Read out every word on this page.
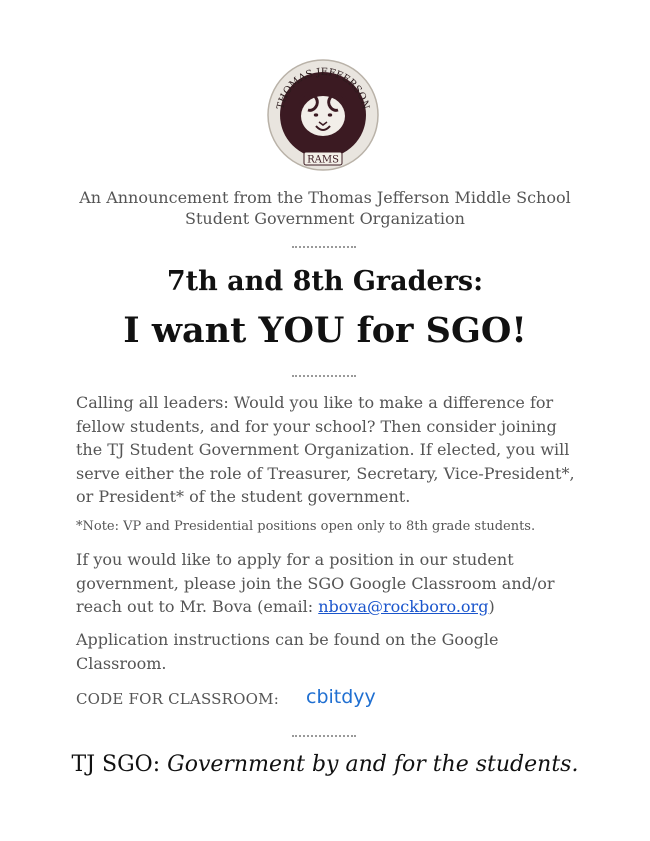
THOMAS JEFFERSON
RAMS
An Announcement from the Thomas Jefferson Middle School
Student Government Organization
7th and 8th Graders:
I want YOU for SGO!

Calling all leaders: Would you like to make a difference for fellow students, and for your school? Then consider joining the TJ Student Government Organization. If elected, you will serve either the role of Treasurer, Secretary, Vice-President*, or President* of the student government.

*Note: VP and Presidential positions open only to 8th grade students.

If you would like to apply for a position in our student government, please join the SGO Google Classroom and/or reach out to Mr. Bova (email: nbova@rockboro.org)

Application instructions can be found on the Google Classroom.

CODE FOR CLASSROOM: cbitdyy
TJ SGO: Government by and for the students.
